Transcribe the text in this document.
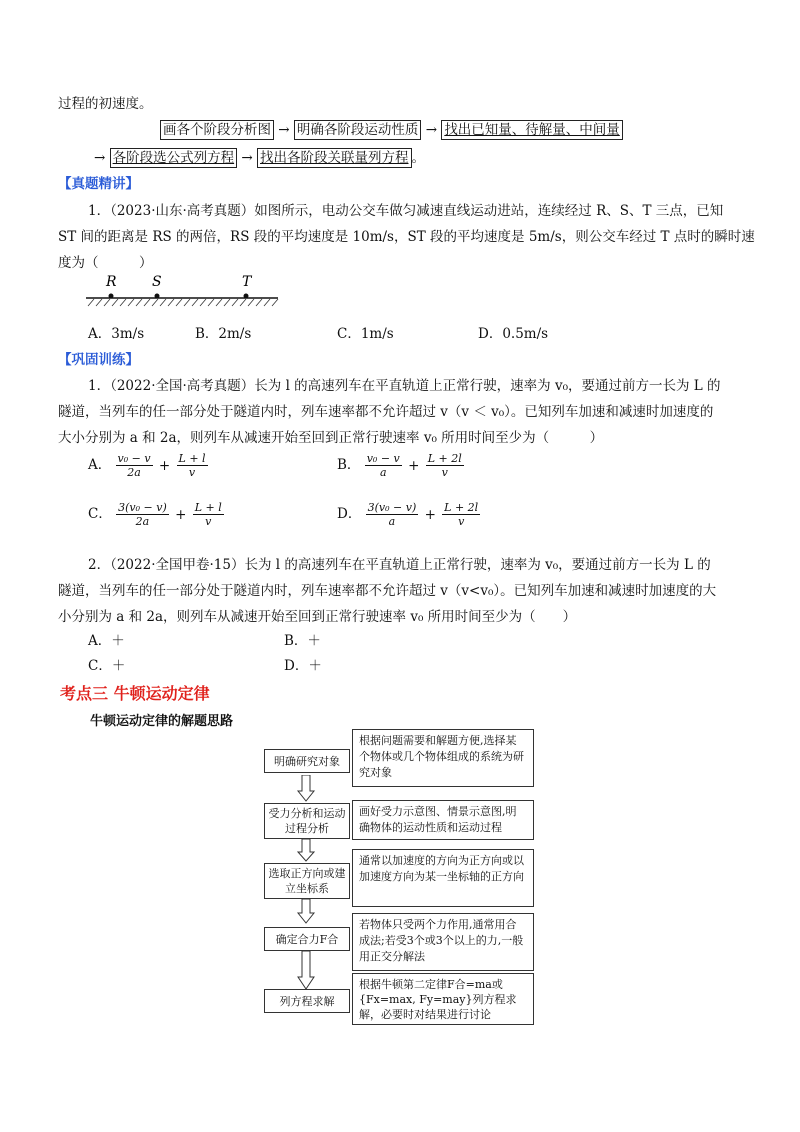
过程的初速度。
画各个阶段分析图 → 明确各阶段运动性质 → 找出已知量、待解量、中间量
→ 各阶段选公式列方程 → 找出各阶段关联量列方程 。
【真题精讲】
1．（2023·山东·高考真题）如图所示，电动公交车做匀减速直线运动进站，连续经过 R、S、T 三点，已知
ST 间的距离是 RS 的两倍，RS 段的平均速度是 10m/s，ST 段的平均速度是 5m/s，则公交车经过 T 点时的瞬时速
度为（　　　）
R	S	T
A．3m/s	B．2m/s	C．1m/s	D．0.5m/s
【巩固训练】
1．（2022·全国·高考真题）长为 l 的高速列车在平直轨道上正常行驶，速率为 v₀，要通过前方一长为 L 的
隧道，当列车的任一部分处于隧道内时，列车速率都不允许超过 v（v ＜ v₀）。已知列车加速和减速时加速度的
大小分别为 a 和 2a，则列车从减速开始至回到正常行驶速率 v₀ 所用时间至少为（　　　）
A． $\frac{\text{v₀ − v}}{2a} + \frac{L + l}{v}$	B． $\frac{\text{v₀ − v}}{a} + \frac{L + 2l}{v}$
C． $\frac{\text{3(v₀ − v)}}{2a} + \frac{L + l}{v}$	D． $\frac{\text{3(v₀ − v)}}{a} + \frac{L + 2l}{v}$
2．（2022·全国甲卷·15）长为 l 的高速列车在平直轨道上正常行驶，速率为 v₀，要通过前方一长为 L 的
隧道，当列车的任一部分处于隧道内时，列车速率都不允许超过 v（v<v₀）。已知列车加速和减速时加速度的大
小分别为 a 和 2a，则列车从减速开始至回到正常行驶速率 v₀ 所用时间至少为（　　）
A．＋	B．＋
C．＋	D．＋
考点三 牛顿运动定律
牛顿运动定律的解题思路
明确研究对象
根据问题需要和解题方便,选择某个物体或几个物体组成的系统为研究对象
受力分析和运动过程分析
画好受力示意图、情景示意图,明确物体的运动性质和运动过程
选取正方向或建立坐标系
通常以加速度的方向为正方向或以加速度方向为某一坐标轴的正方向
确定合力F合
若物体只受两个力作用,通常用合成法;若受3个或3个以上的力,一般用正交分解法
列方程求解
根据牛顿第二定律F合=ma或{Fx=max, Fy=may}列方程求解，必要时对结果进行讨论
